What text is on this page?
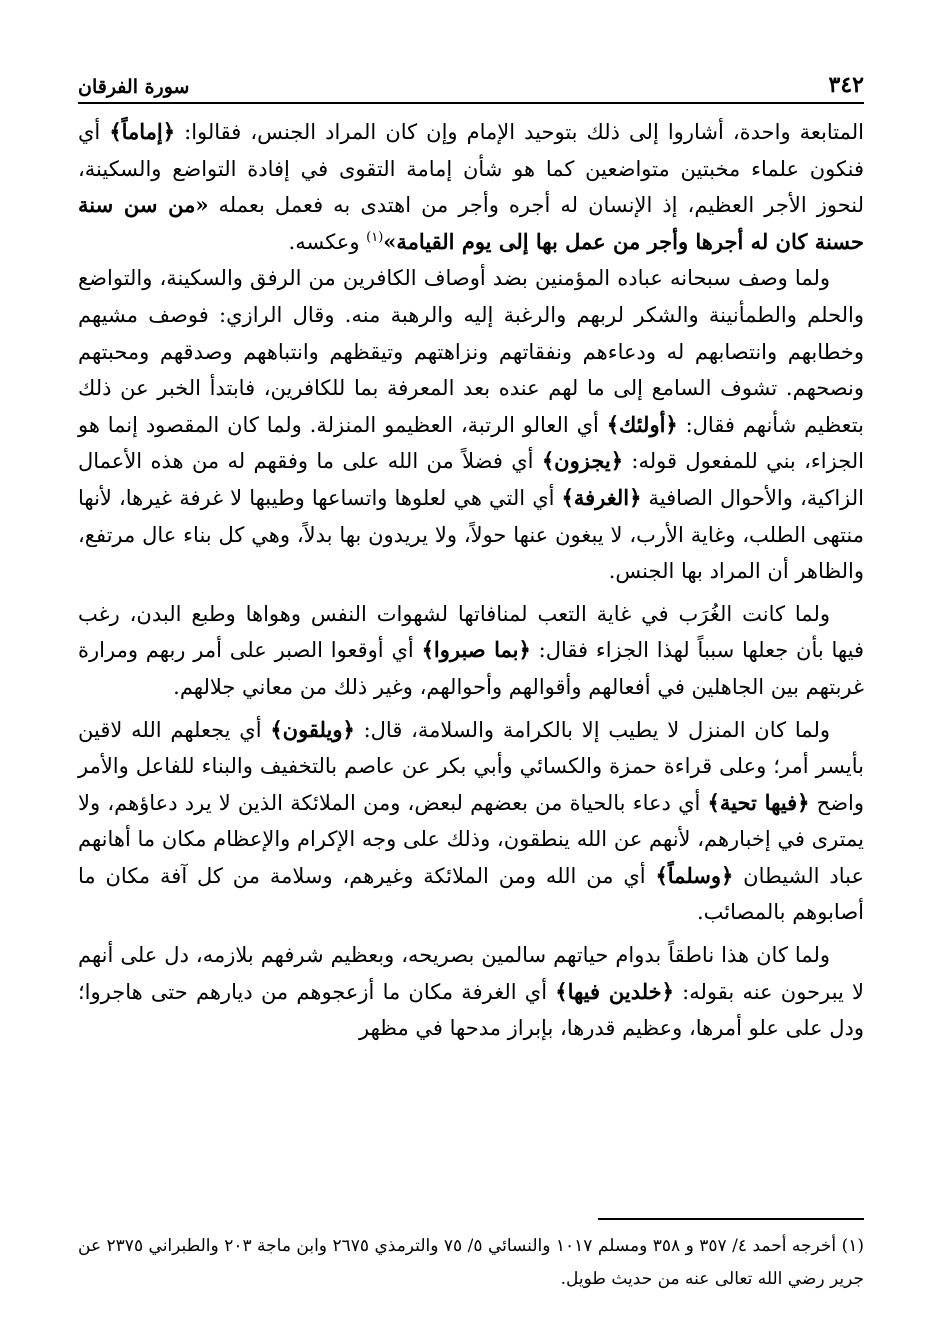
٣٤٢
سورة الفرقان

المتابعة واحدة، أشاروا إلى ذلك بتوحيد الإمام وإن كان المراد الجنس، فقالوا: ﴿إماماً﴾ أي فنكون علماء مخبتين متواضعين كما هو شأن إمامة التقوى في إفادة التواضع والسكينة، لنحوز الأجر العظيم، إذ الإنسان له أجره وأجر من اهتدى به فعمل بعمله «من سن سنة حسنة كان له أجرها وأجر من عمل بها إلى يوم القيامة»$^{(١)}$ وعكسه.

ولما وصف سبحانه عباده المؤمنين بضد أوصاف الكافرين من الرفق والسكينة، والتواضع والحلم والطمأنينة والشكر لربهم والرغبة إليه والرهبة منه. وقال الرازي: فوصف مشيهم وخطابهم وانتصابهم له ودعاءهم ونفقاتهم ونزاهتهم وتيقظهم وانتباههم وصدقهم ومحبتهم ونصحهم. تشوف السامع إلى ما لهم عنده بعد المعرفة بما للكافرين، فابتدأ الخبر عن ذلك بتعظيم شأنهم فقال: ﴿أولئك﴾ أي العالو الرتبة، العظيمو المنزلة. ولما كان المقصود إنما هو الجزاء، بني للمفعول قوله: ﴿يجزون﴾ أي فضلاً من الله على ما وفقهم له من هذه الأعمال الزاكية، والأحوال الصافية ﴿الغرفة﴾ أي التي هي لعلوها واتساعها وطيبها لا غرفة غيرها، لأنها منتهى الطلب، وغاية الأرب، لا يبغون عنها حولاً، ولا يريدون بها بدلاً، وهي كل بناء عال مرتفع، والظاهر أن المراد بها الجنس.

ولما كانت الغُرَب في غاية التعب لمنافاتها لشهوات النفس وهواها وطبع البدن، رغب فيها بأن جعلها سبباً لهذا الجزاء فقال: ﴿بما صبروا﴾ أي أوقعوا الصبر على أمر ربهم ومرارة غربتهم بين الجاهلين في أفعالهم وأقوالهم وأحوالهم، وغير ذلك من معاني جلالهم.

ولما كان المنزل لا يطيب إلا بالكرامة والسلامة، قال: ﴿ويلقون﴾ أي يجعلهم الله لاقين بأيسر أمر؛ وعلى قراءة حمزة والكسائي وأبي بكر عن عاصم بالتخفيف والبناء للفاعل والأمر واضح ﴿فيها تحية﴾ أي دعاء بالحياة من بعضهم لبعض، ومن الملائكة الذين لا يرد دعاؤهم، ولا يمترى في إخبارهم، لأنهم عن الله ينطقون، وذلك على وجه الإكرام والإعظام مكان ما أهانهم عباد الشيطان ﴿وسلماً﴾ أي من الله ومن الملائكة وغيرهم، وسلامة من كل آفة مكان ما أصابوهم بالمصائب.

ولما كان هذا ناطقاً بدوام حياتهم سالمين بصريحه، وبعظيم شرفهم بلازمه، دل على أنهم لا يبرحون عنه بقوله: ﴿خلدين فيها﴾ أي الغرفة مكان ما أزعجوهم من ديارهم حتى هاجروا؛ ودل على علو أمرها، وعظيم قدرها، بإبراز مدحها في مظهر

(١) أخرجه أحمد ٤/ ٣٥٧ و ٣٥٨ ومسلم ١٠١٧ والنسائي ٥/ ٧٥ والترمذي ٢٦٧٥ وابن ماجة ٢٠٣ والطبراني ٢٣٧٥ عن جرير رضي الله تعالى عنه من حديث طويل.
